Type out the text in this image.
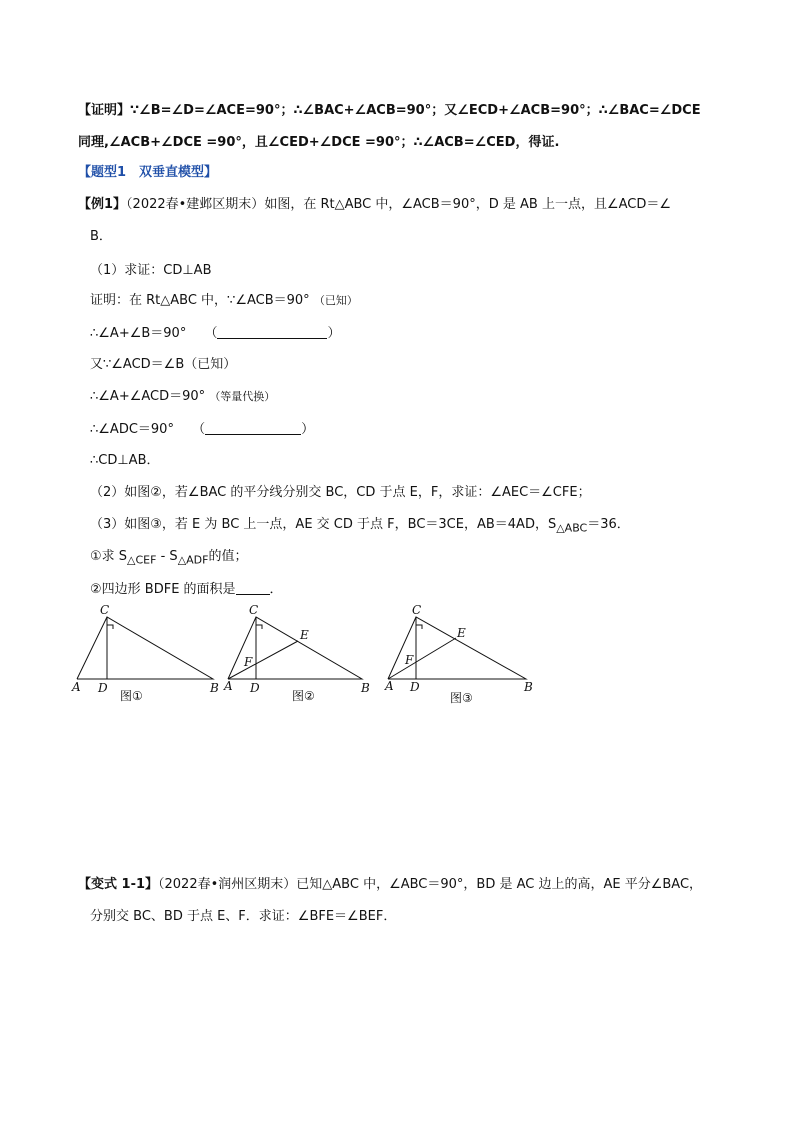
【证明】∵∠B=∠D=∠ACE=90°；∴∠BAC+∠ACB=90°；又∠ECD+∠ACB=90°；∴∠BAC=∠DCE
同理,∠ACB+∠DCE =90°，且∠CED+∠DCE =90°；∴∠ACB=∠CED，得证.
【题型1　双垂直模型】
【例1】（2022春•建邺区期末）如图，在 Rt△ABC 中，∠ACB＝90°，D 是 AB 上一点，且∠ACD＝∠
B．
（1）求证：CD⊥AB
证明：在 Rt△ABC 中，∵∠ACB＝90° （已知）
∴∠A+∠B＝90° （	）
又∵∠ACD＝∠B（已知）
∴∠A+∠ACD＝90° （等量代换）
∴∠ADC＝90° （	）
∴CD⊥AB．
（2）如图②，若∠BAC 的平分线分别交 BC，CD 于点 E，F，求证：∠AEC＝∠CFE；
（3）如图③，若 E 为 BC 上一点，AE 交 CD 于点 F，BC＝3CE，AB＝4AD，$S_{\triangle ABC}=36$．
①求 $S_{\triangle CEF} - S_{\triangle ADF}$的值；
②四边形 BDFE 的面积是	．
C
A D	B
图①
C
E
F
A D	B
图②
C
E
F
A D	B
图③
【变式 1-1】（2022春•润州区期末）已知△ABC 中，∠ABC＝90°，BD 是 AC 边上的高，AE 平分∠BAC，
分别交 BC、BD 于点 E、F．求证：∠BFE＝∠BEF．
